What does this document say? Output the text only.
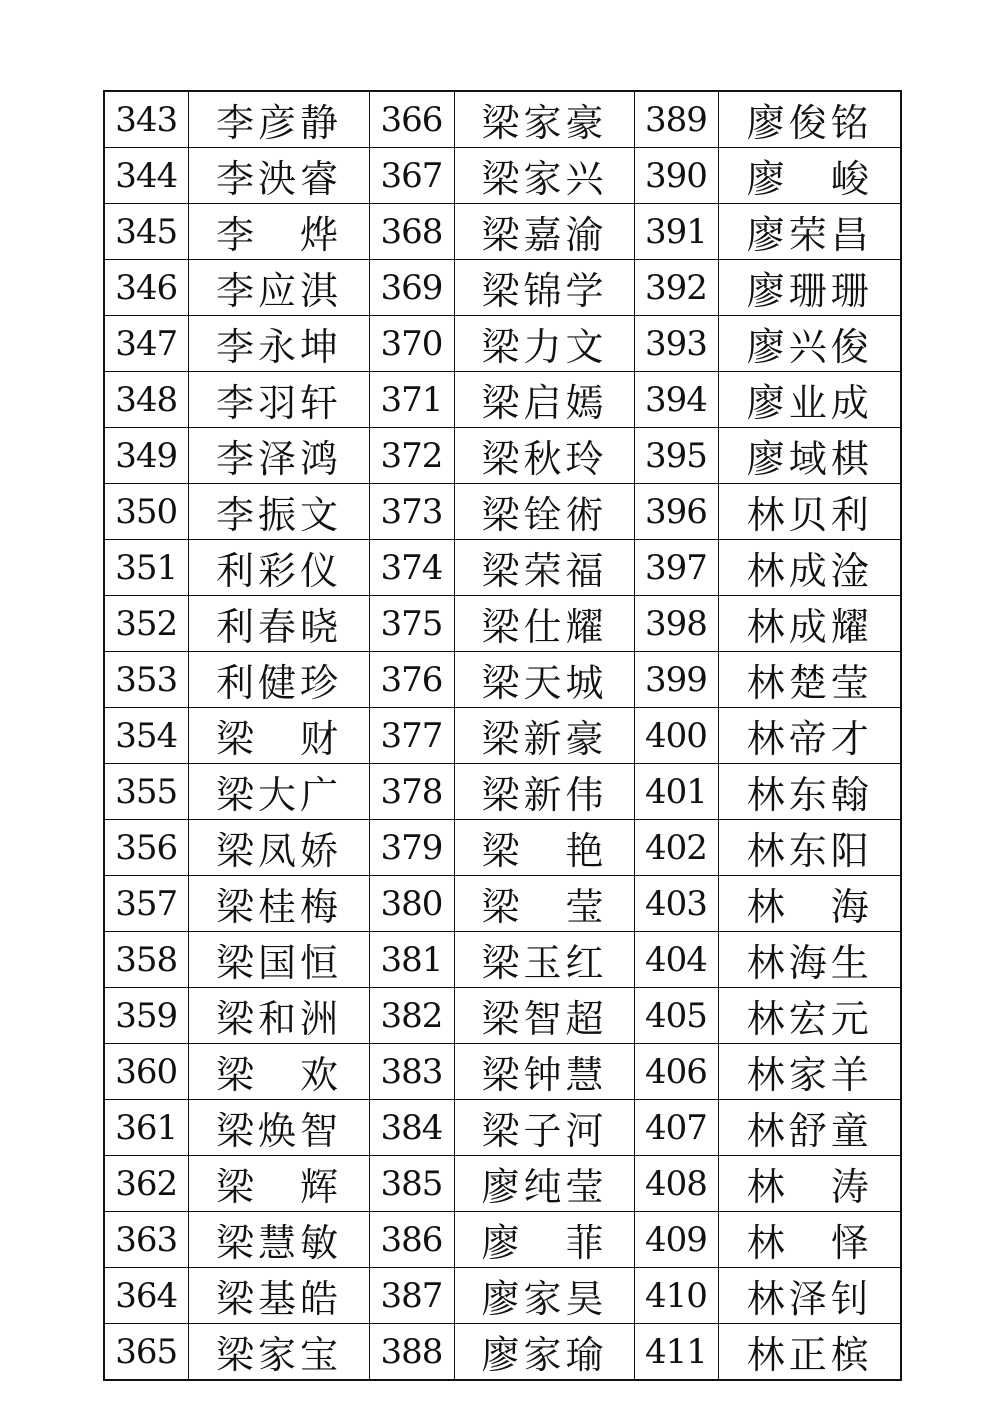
343	李彦静	366	梁家豪	389	廖俊铭
344	李泱睿	367	梁家兴	390	廖　峻
345	李　烨	368	梁嘉渝	391	廖荣昌
346	李应淇	369	梁锦学	392	廖珊珊
347	李永坤	370	梁力文	393	廖兴俊
348	李羽轩	371	梁启嫣	394	廖业成
349	李泽鸿	372	梁秋玲	395	廖域棋
350	李振文	373	梁铨術	396	林贝利
351	利彩仪	374	梁荣福	397	林成淦
352	利春晓	375	梁仕耀	398	林成耀
353	利健珍	376	梁天城	399	林楚莹
354	梁　财	377	梁新豪	400	林帝才
355	梁大广	378	梁新伟	401	林东翰
356	梁凤娇	379	梁　艳	402	林东阳
357	梁桂梅	380	梁　莹	403	林　海
358	梁国恒	381	梁玉红	404	林海生
359	梁和洲	382	梁智超	405	林宏元
360	梁　欢	383	梁钟慧	406	林家羊
361	梁焕智	384	梁子河	407	林舒童
362	梁　辉	385	廖纯莹	408	林　涛
363	梁慧敏	386	廖　菲	409	林　怿
364	梁基皓	387	廖家昊	410	林泽钊
365	梁家宝	388	廖家瑜	411	林正槟
